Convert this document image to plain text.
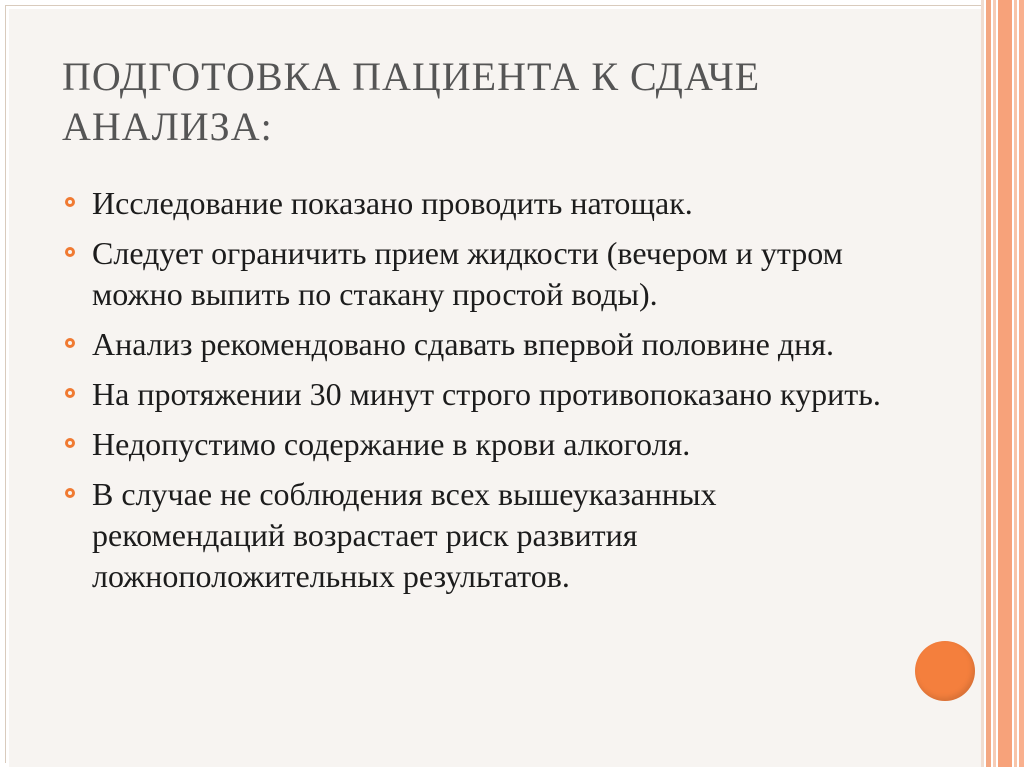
ПОДГОТОВКА ПАЦИЕНТА К СДАЧЕ АНАЛИЗА:
Исследование показано проводить натощак.
Следует ограничить прием жидкости (вечером и утром можно выпить по стакану простой воды).
Анализ рекомендовано сдавать впервой половине дня.
На протяжении 30 минут строго противопоказано курить.
Недопустимо содержание в крови алкоголя.
В случае не соблюдения всех вышеуказанных рекомендаций возрастает риск развития ложноположительных результатов.
